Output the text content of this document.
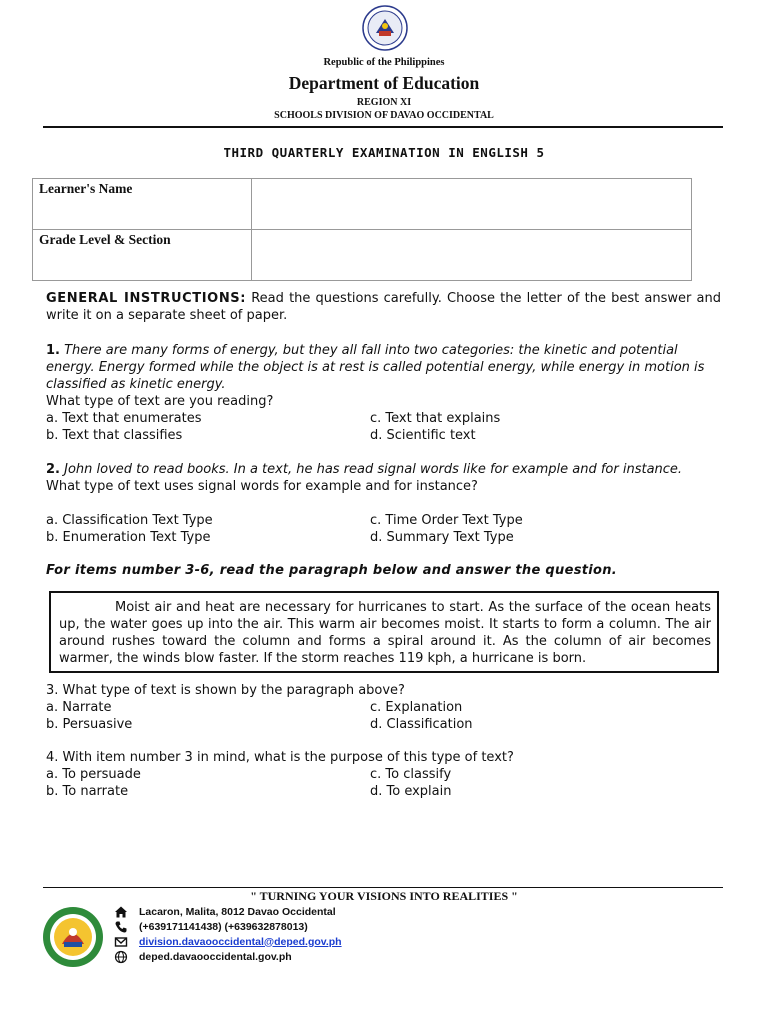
Republic of the Philippines
Department of Education
REGION XI
SCHOOLS DIVISION OF DAVAO OCCIDENTAL
THIRD QUARTERLY EXAMINATION IN ENGLISH 5
Learner's Name	
Grade Level & Section	

GENERAL INSTRUCTIONS: Read the questions carefully. Choose the letter of the best answer and write it on a separate sheet of paper.

1. There are many forms of energy, but they all fall into two categories: the kinetic and potential energy. Energy formed while the object is at rest is called potential energy, while energy in motion is classified as kinetic energy.

What type of text are you reading?

a. Text that enumerates	c. Text that explains

b. Text that classifies	d. Scientific text

2. John loved to read books. In a text, he has read signal words like for example and for instance.

What type of text uses signal words for example and for instance?

a. Classification Text Type	c. Time Order Text Type

b. Enumeration Text Type	d. Summary Text Type

For items number 3-6, read the paragraph below and answer the question.

Moist air and heat are necessary for hurricanes to start. As the surface of the ocean heats up, the water goes up into the air. This warm air becomes moist. It starts to form a column. The air around rushes toward the column and forms a spiral around it. As the column of air becomes warmer, the winds blow faster. If the storm reaches 119 kph, a hurricane is born.

3. What type of text is shown by the paragraph above?

a. Narrate	c. Explanation

b. Persuasive	d. Classification

4. With item number 3 in mind, what is the purpose of this type of text?

a. To persuade	c. To classify

b. To narrate	d. To explain

" TURNING YOUR VISIONS INTO REALITIES "
Lacaron, Malita, 8012 Davao Occidental
(+639171141438) (+639632878013)
division.davaooccidental@deped.gov.ph
deped.davaooccidental.gov.ph
